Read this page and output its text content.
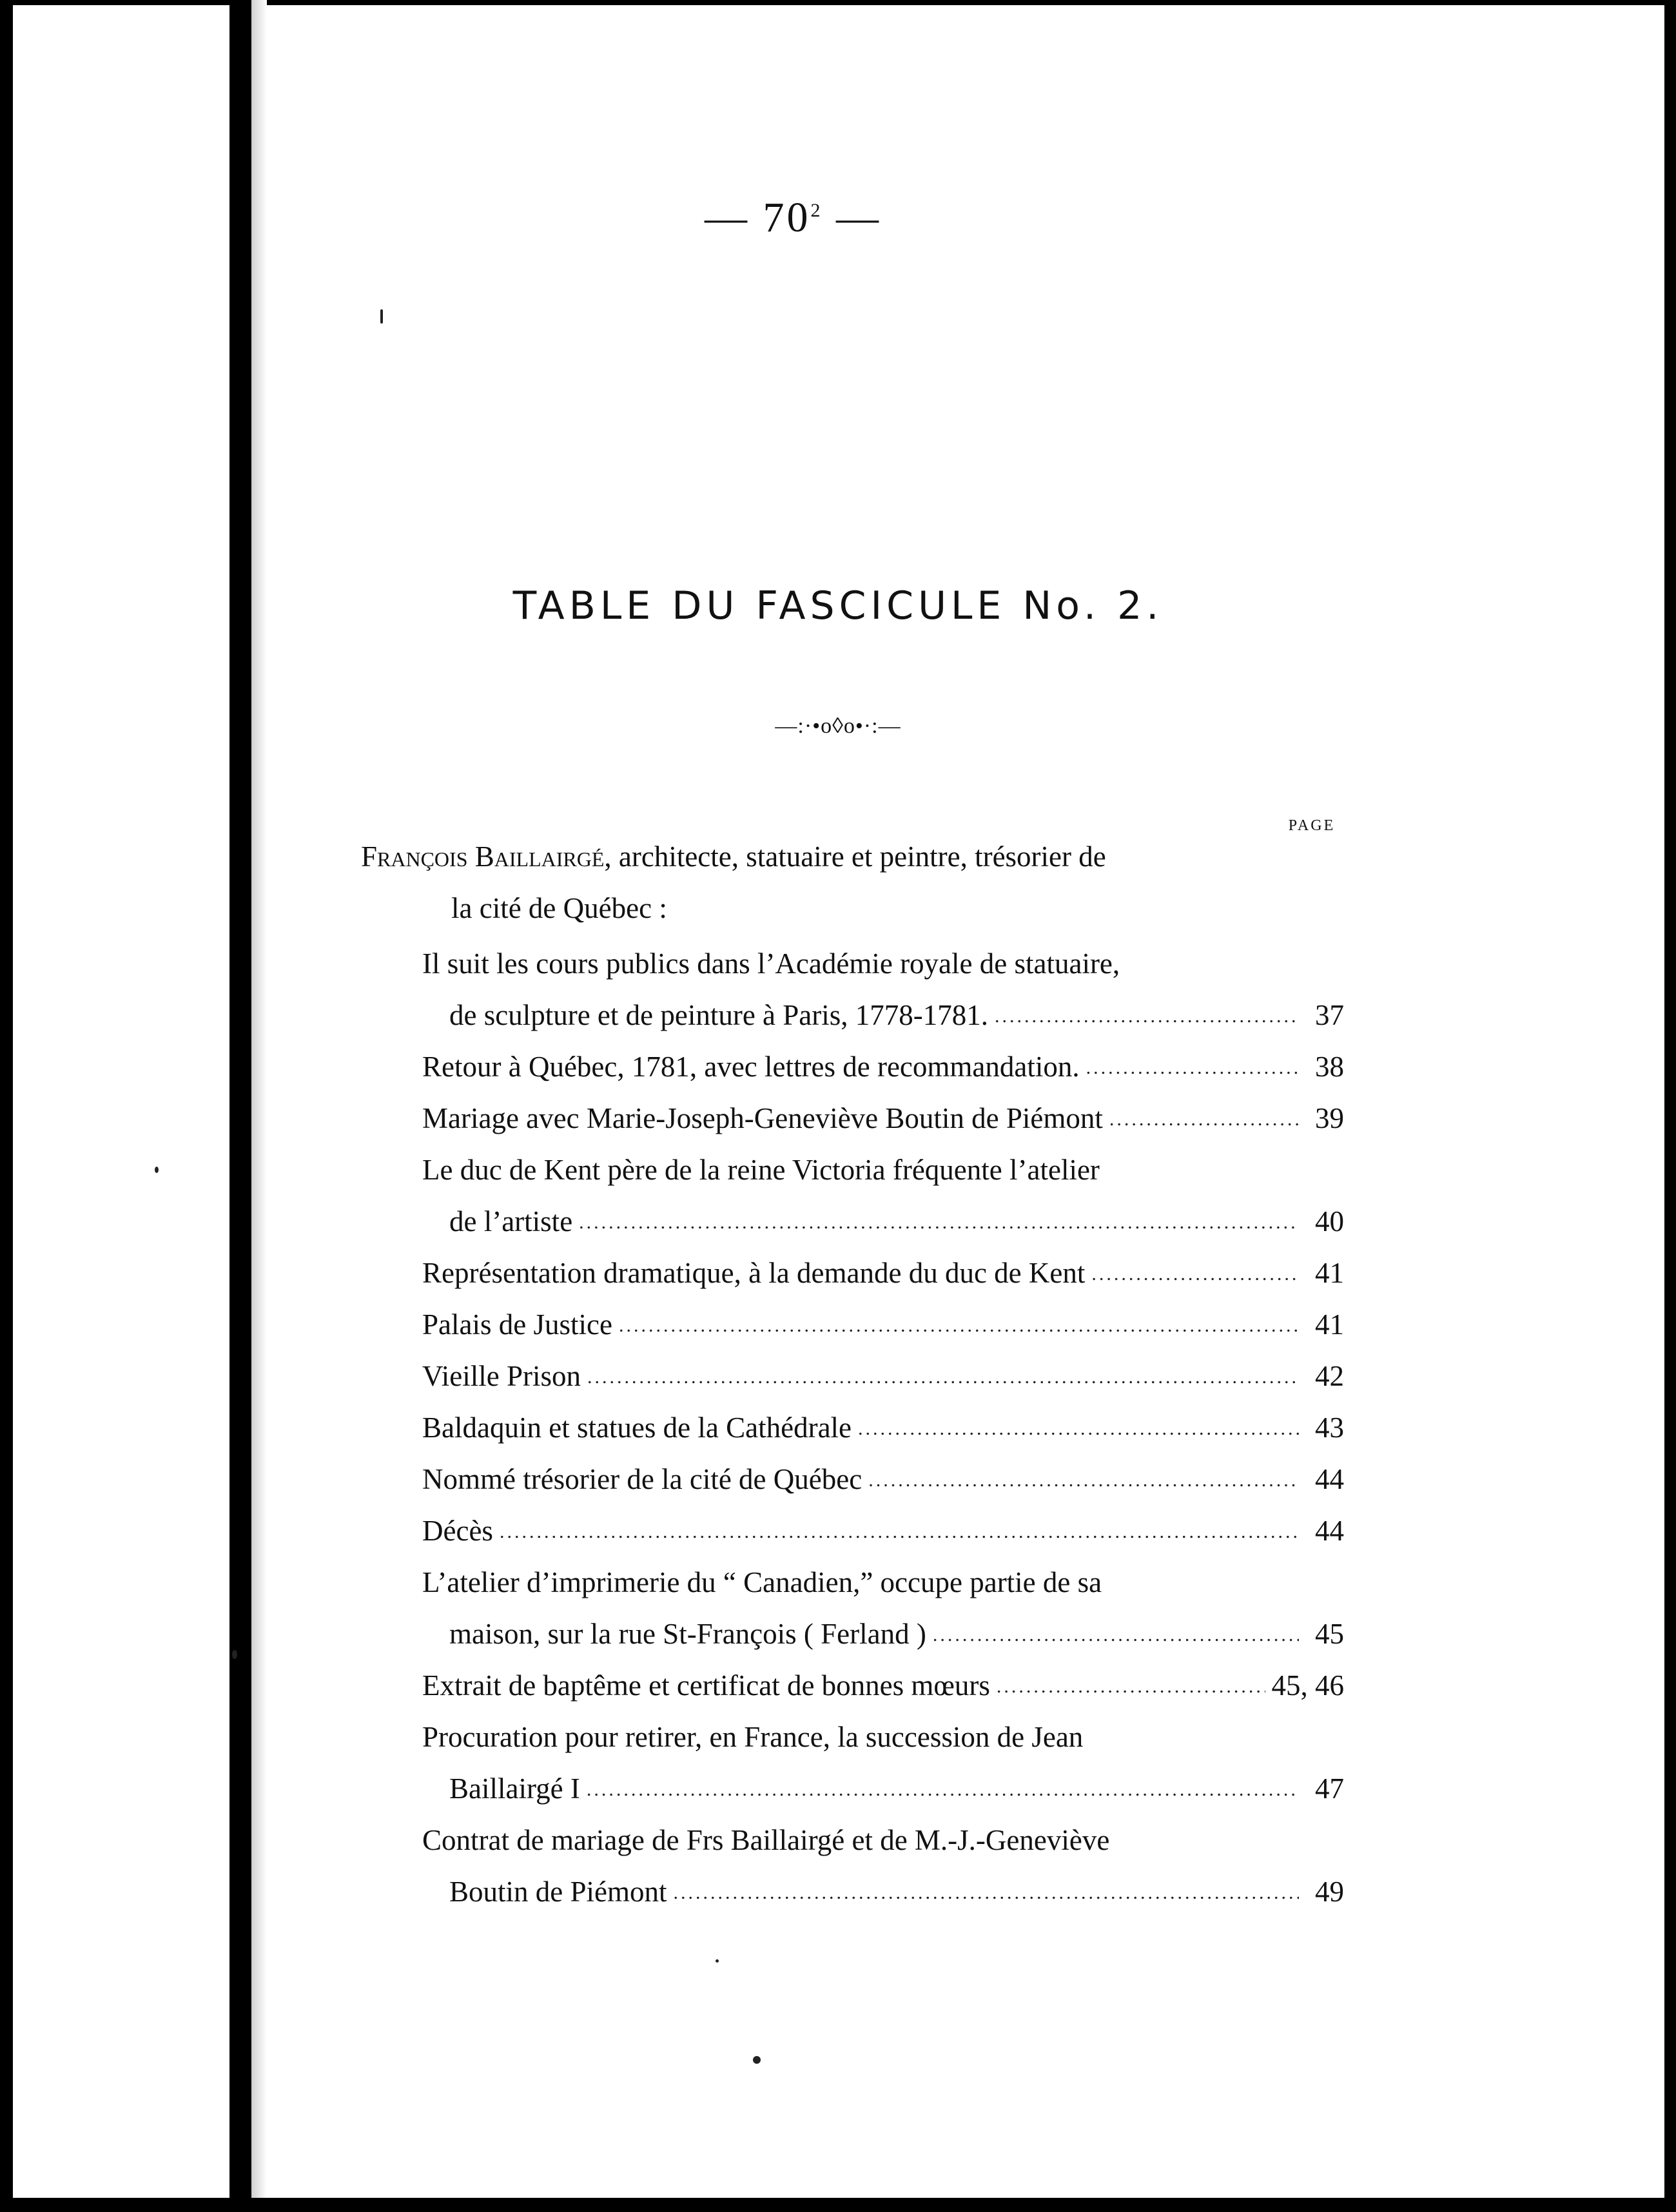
— $70^2$ —
TABLE DU FASCICULE No. 2.
—:·•o◊o•·:—
PAGE
François Baillairgé, architecte, statuaire et peintre, trésorier de
la cité de Québec :
Il suit les cours publics dans l’Académie royale de statuaire,
de sculpture et de peinture à Paris, 1778-1781. .....	37
Retour à Québec, 1781, avec lettres de recommandation. .....	38
Mariage avec Marie-Joseph-Geneviève Boutin de Piémont .....	39
Le duc de Kent père de la reine Victoria fréquente l’atelier
de l’artiste .....	40
Représentation dramatique, à la demande du duc de Kent .....	41
Palais de Justice .....	41
Vieille Prison .....	42
Baldaquin et statues de la Cathédrale .....	43
Nommé trésorier de la cité de Québec .....	44
Décès .....	44
L’atelier d’imprimerie du “ Canadien,” occupe partie de sa
maison, sur la rue St-François ( Ferland ) .....	45
Extrait de baptême et certificat de bonnes mœurs .....	45, 46
Procuration pour retirer, en France, la succession de Jean
Baillairgé I .....	47
Contrat de mariage de Frs Baillairgé et de M.-J.-Geneviève
Boutin de Piémont .....	49
